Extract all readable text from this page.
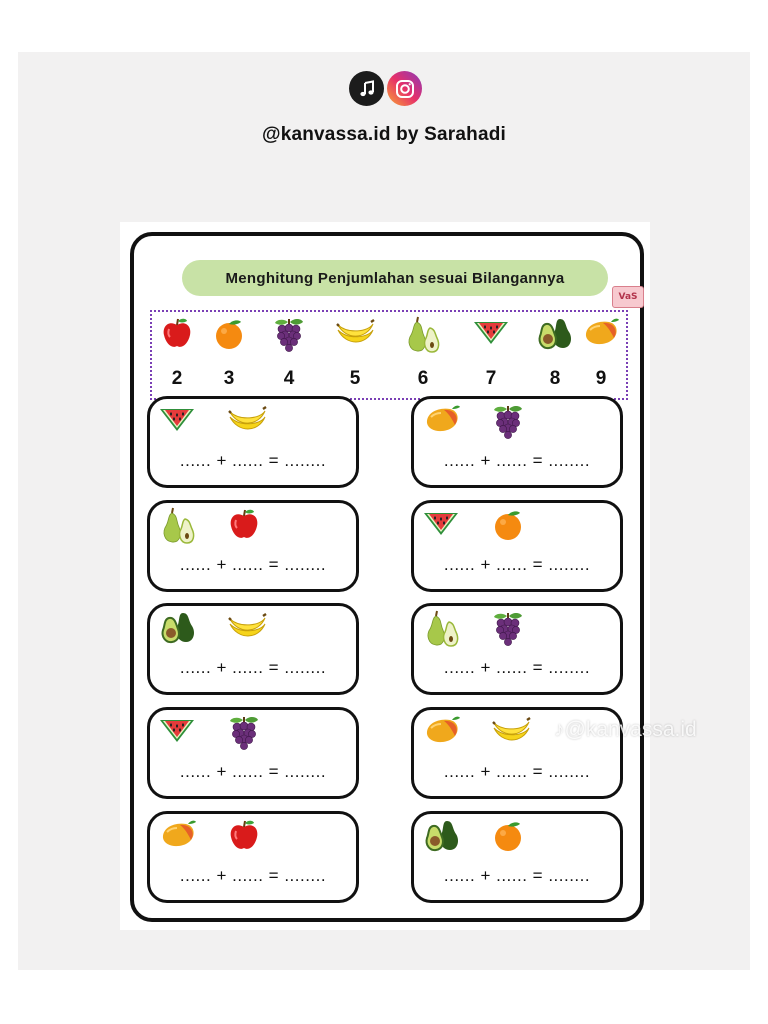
@kanvassa.id by Sarahadi
Menghitung Penjumlahan sesuai Bilangannya
VaS
2	3	4	5	6	7	8	9
...... + ...... = ........	...... + ...... = ........
...... + ...... = ........	...... + ...... = ........
...... + ...... = ........	...... + ...... = ........
...... + ...... = ........	...... + ...... = ........
...... + ...... = ........	...... + ...... = ........
♪@kanvassa.id
